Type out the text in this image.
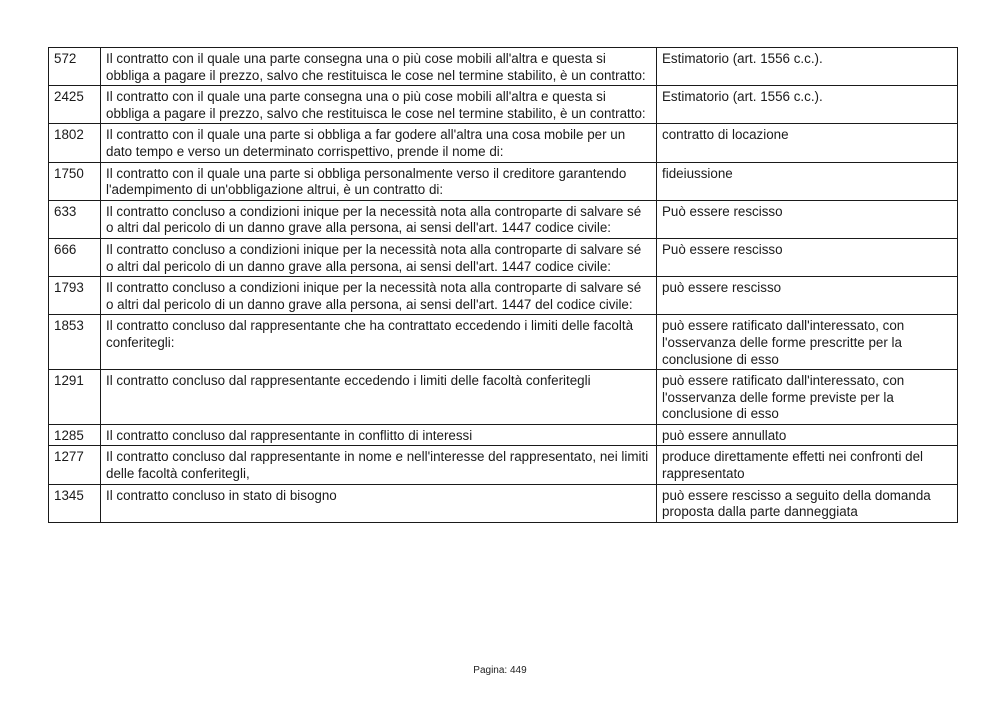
572	Il contratto con il quale una parte consegna una o più cose mobili all'altra e questa si obbliga a pagare il prezzo, salvo che restituisca le cose nel termine stabilito, è un contratto:	Estimatorio (art. 1556 c.c.).
2425	Il contratto con il quale una parte consegna una o più cose mobili all'altra e questa si obbliga a pagare il prezzo, salvo che restituisca le cose nel termine stabilito, è un contratto:	Estimatorio (art. 1556 c.c.).
1802	Il contratto con il quale una parte si obbliga a far godere all'altra una cosa mobile per un dato tempo e verso un determinato corrispettivo, prende il nome di:	contratto di locazione
1750	Il contratto con il quale una parte si obbliga personalmente verso il creditore garantendo l'adempimento di un'obbligazione altrui, è un contratto di:	fideiussione
633	Il contratto concluso a condizioni inique per la necessità nota alla controparte di salvare sé o altri dal pericolo di un danno grave alla persona, ai sensi dell'art. 1447 codice civile:	Può essere rescisso
666	Il contratto concluso a condizioni inique per la necessità nota alla controparte di salvare sé o altri dal pericolo di un danno grave alla persona, ai sensi dell'art. 1447 codice civile:	Può essere rescisso
1793	Il contratto concluso a condizioni inique per la necessità nota alla controparte di salvare sé o altri dal pericolo di un danno grave alla persona, ai sensi dell'art. 1447 del codice civile:	può essere rescisso
1853	Il contratto concluso dal rappresentante che ha contrattato eccedendo i limiti delle facoltà conferitegli:	può essere ratificato dall'interessato, con l'osservanza delle forme prescritte per la conclusione di esso
1291	Il contratto concluso dal rappresentante eccedendo i limiti delle facoltà conferitegli	può essere ratificato dall'interessato, con l'osservanza delle forme previste per la conclusione di esso
1285	Il contratto concluso dal rappresentante in conflitto di interessi	può essere annullato
1277	Il contratto concluso dal rappresentante in nome e nell'interesse del rappresentato, nei limiti delle facoltà conferitegli,	produce direttamente effetti nei confronti del rappresentato
1345	Il contratto concluso in stato di bisogno	può essere rescisso a seguito della domanda proposta dalla parte danneggiata
Pagina: 449
